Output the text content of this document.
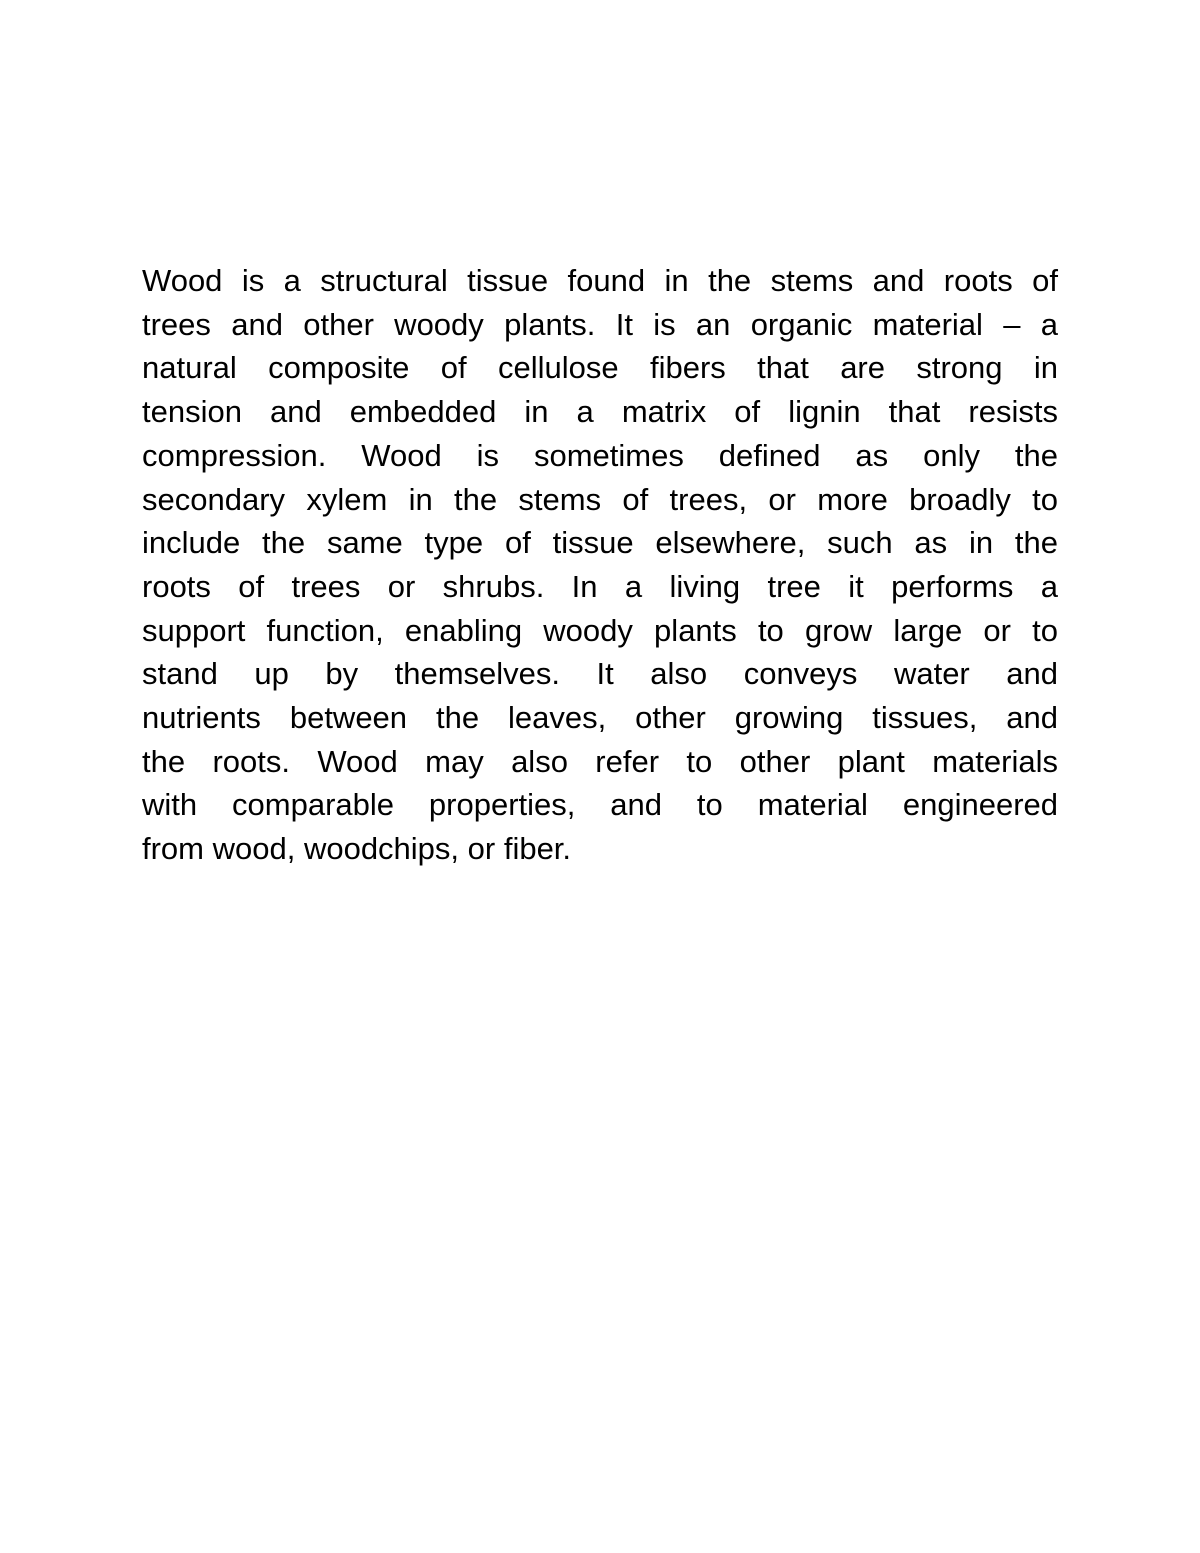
Wood is a structural tissue found in the stems and roots of
trees and other woody plants. It is an organic material – a
natural composite of cellulose fibers that are strong in
tension and embedded in a matrix of lignin that resists
compression. Wood is sometimes defined as only the
secondary xylem in the stems of trees, or more broadly to
include the same type of tissue elsewhere, such as in the
roots of trees or shrubs. In a living tree it performs a
support function, enabling woody plants to grow large or to
stand up by themselves. It also conveys water and
nutrients between the leaves, other growing tissues, and
the roots. Wood may also refer to other plant materials
with comparable properties, and to material engineered
from wood, woodchips, or fiber.
